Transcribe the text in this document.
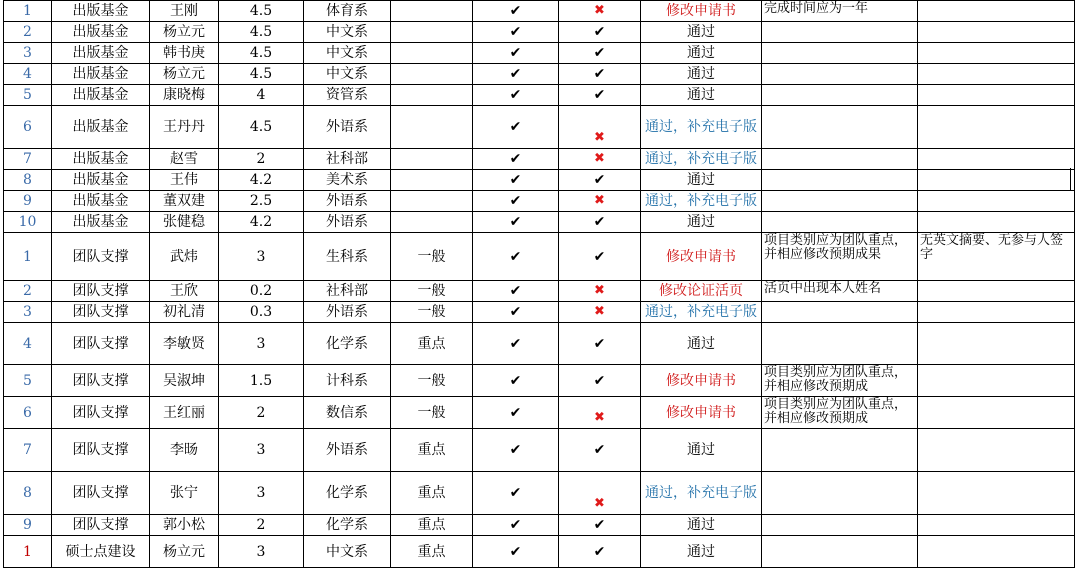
1	出版基金	王刚	4.5	体育系		✔	✖	修改申请书	完成时间应为一年	
2	出版基金	杨立元	4.5	中文系		✔	✔	通过		
3	出版基金	韩书庚	4.5	中文系		✔	✔	通过		
4	出版基金	杨立元	4.5	中文系		✔	✔	通过		
5	出版基金	康晓梅	4	资管系		✔	✔	通过		
6	出版基金	王丹丹	4.5	外语系		✔	✖	通过，补充电子版		
7	出版基金	赵雪	2	社科部		✔	✖	通过，补充电子版		
8	出版基金	王伟	4.2	美术系		✔	✔	通过		
9	出版基金	董双建	2.5	外语系		✔	✖	通过，补充电子版		
10	出版基金	张健稳	4.2	外语系		✔	✔	通过		
1	团队支撑	武炜	3	生科系	一般	✔	✔	修改申请书	项目类别应为团队重点，并相应修改预期成果	无英文摘要、无参与人签字
2	团队支撑	王欣	0.2	社科部	一般	✔	✖	修改论证活页	活页中出现本人姓名	
3	团队支撑	初礼清	0.3	外语系	一般	✔	✖	通过，补充电子版		
4	团队支撑	李敏贤	3	化学系	重点	✔	✔	通过		
5	团队支撑	吴淑坤	1.5	计科系	一般	✔	✔	修改申请书	项目类别应为团队重点，并相应修改预期成	
6	团队支撑	王红丽	2	数信系	一般	✔	✖	修改申请书	项目类别应为团队重点，并相应修改预期成	
7	团队支撑	李旸	3	外语系	重点	✔	✔	通过		
8	团队支撑	张宁	3	化学系	重点	✔	✖	通过，补充电子版		
9	团队支撑	郭小松	2	化学系	重点	✔	✔	通过		
1	硕士点建设	杨立元	3	中文系	重点	✔	✔	通过		
